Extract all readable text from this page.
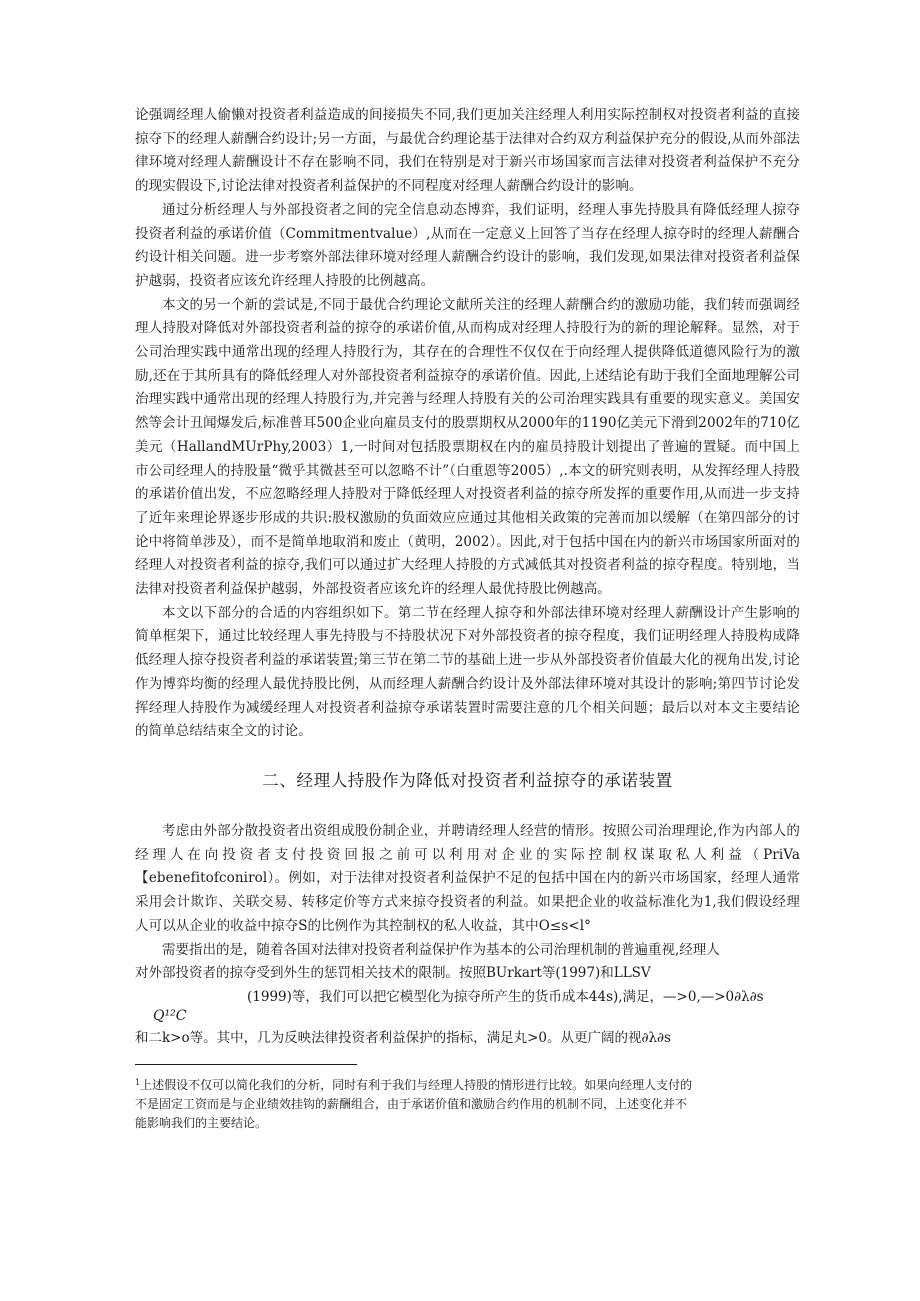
论强调经理人偷懒对投资者利益造成的间接损失不同,我们更加关注经理人利用实际控制权对投资者利益的直接掠夺下的经理人薪酬合约设计;另一方面，与最优合约理论基于法律对合约双方利益保护充分的假设,从而外部法律环境对经理人薪酬设计不存在影响不同，我们在特别是对于新兴市场国家而言法律对投资者利益保护不充分的现实假设下,讨论法律对投资者利益保护的不同程度对经理人薪酬合约设计的影响。

通过分析经理人与外部投资者之间的完全信息动态博弈，我们证明，经理人事先持股具有降低经理人掠夺投资者利益的承诺价值（Commitmentvalue）,从而在一定意义上回答了当存在经理人掠夺时的经理人薪酬合约设计相关问题。进一步考察外部法律环境对经理人薪酬合约设计的影响，我们发现,如果法律对投资者利益保护越弱，投资者应该允许经理人持股的比例越高。

本文的另一个新的尝试是,不同于最优合约理论文献所关注的经理人薪酬合约的激励功能，我们转而强调经理人持股对降低对外部投资者利益的掠夺的承诺价值,从而构成对经理人持股行为的新的理论解释。显然，对于公司治理实践中通常出现的经理人持股行为，其存在的合理性不仅仅在于向经理人提供降低道德风险行为的激励,还在于其所具有的降低经理人对外部投资者利益掠夺的承诺价值。因此,上述结论有助于我们全面地理解公司治理实践中通常出现的经理人持股行为,并完善与经理人持股有关的公司治理实践具有重要的现实意义。美国安然等会计丑闻爆发后,标准普耳500企业向雇员支付的股票期权从2000年的1190亿美元下滑到2002年的710亿美元（HallandMUrPhy,2003）1,一时间对包括股票期权在内的雇员持股计划提出了普遍的置疑。而中国上市公司经理人的持股量“微乎其微甚至可以忽略不计”（白重恩等2005）,.本文的研究则表明，从发挥经理人持股的承诺价值出发，不应忽略经理人持股对于降低经理人对投资者利益的掠夺所发挥的重要作用,从而进一步支持了近年来理论界逐步形成的共识:股权激励的负面效应应通过其他相关政策的完善而加以缓解（在第四部分的讨论中将简单涉及），而不是简单地取消和废止（黄明，2002）。因此,对于包括中国在内的新兴市场国家所面对的经理人对投资者利益的掠夺,我们可以通过扩大经理人持股的方式减低其对投资者利益的掠夺程度。特别地，当法律对投资者利益保护越弱，外部投资者应该允许的经理人最优持股比例越高。

本文以下部分的合适的内容组织如下。第二节在经理人掠夺和外部法律环境对经理人薪酬设计产生影响的简单框架下，通过比较经理人事先持股与不持股状况下对外部投资者的掠夺程度，我们证明经理人持股构成降低经理人掠夺投资者利益的承诺装置;第三节在第二节的基础上进一步从外部投资者价值最大化的视角出发,讨论作为博弈均衡的经理人最优持股比例，从而经理人薪酬合约设计及外部法律环境对其设计的影响;第四节讨论发挥经理人持股作为减缓经理人对投资者利益掠夺承诺装置时需要注意的几个相关问题；最后以对本文主要结论的简单总结结束全文的讨论。

二、经理人持股作为降低对投资者利益掠夺的承诺装置

考虑由外部分散投资者出资组成股份制企业，并聘请经理人经营的情形。按照公司治理理论,作为内部人的经理人在向投资者支付投资回报之前可以利用对企业的实际控制权谋取私人利益（PriVa【ebenefitofconirol）。例如，对于法律对投资者利益保护不足的包括中国在内的新兴市场国家，经理人通常采用会计欺诈、关联交易、转移定价等方式来掠夺投资者的利益。如果把企业的收益标准化为1,我们假设经理人可以从企业的收益中掠夺S的比例作为其控制权的私人收益，其中O≤s<l°

需要指出的是，随着各国对法律对投资者利益保护作为基本的公司治理机制的普遍重视,经理人
对外部投资者的掠夺受到外生的惩罚相关技术的限制。按照BUrkart等(1997)和LLSV
(1999)等，我们可以把它模型化为掠夺所产生的货币成本44s),满足，—>0,—>0∂λ∂s
Q¹²C
和二k>o等。其中，几为反映法律投资者利益保护的指标，满足丸>0。从更广阔的视∂λ∂s

$^1$上述假设不仅可以简化我们的分析，同时有利于我们与经理人持股的情形进行比较。如果向经理人支付的不是固定工资而是与企业绩效挂钩的薪酬组合，由于承诺价值和激励合约作用的机制不同，上述变化并不能影响我们的主要结论。
